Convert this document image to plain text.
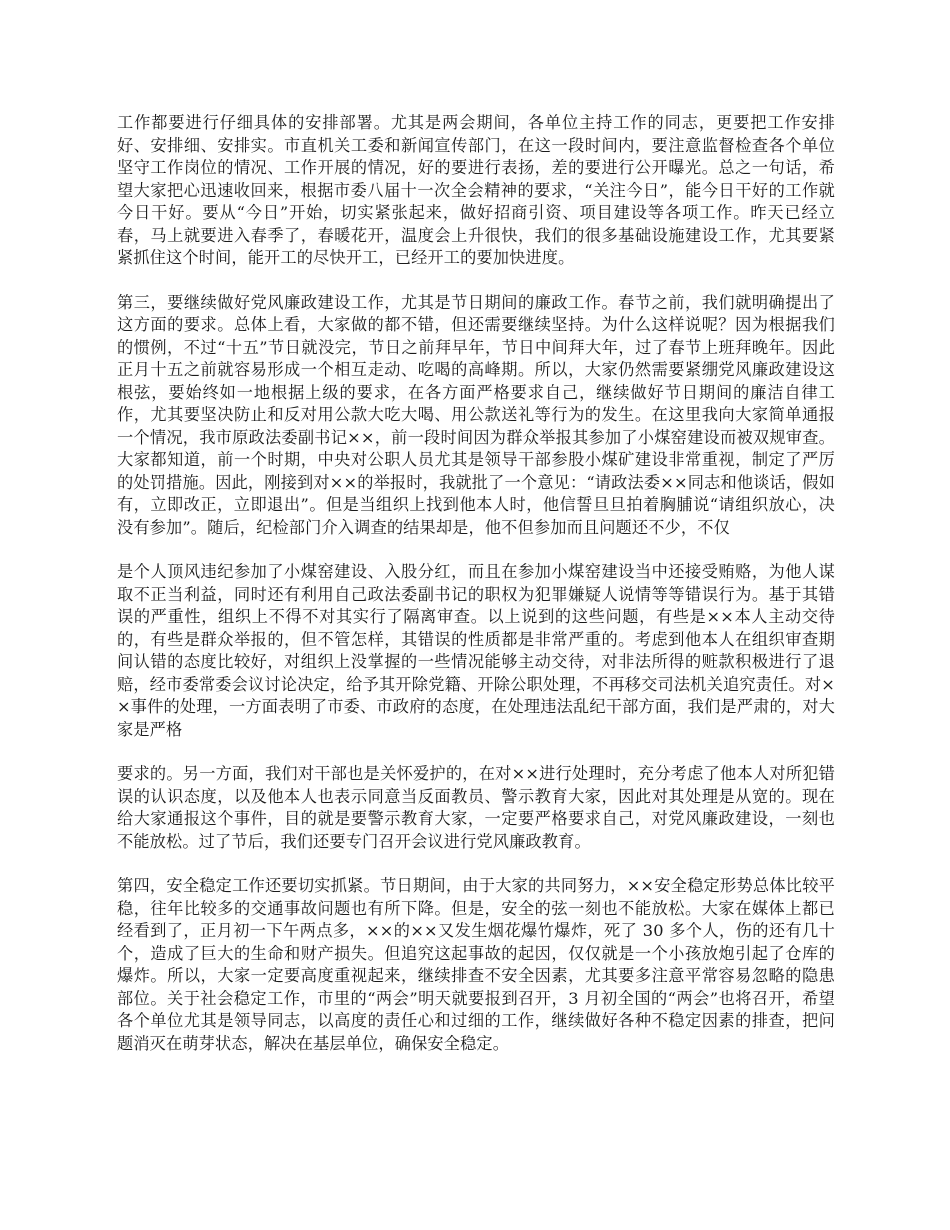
工作都要进行仔细具体的安排部署。尤其是两会期间，各单位主持工作的同志，更要把工作安排好、安排细、安排实。市直机关工委和新闻宣传部门，在这一段时间内，要注意监督检查各个单位坚守工作岗位的情况、工作开展的情况，好的要进行表扬，差的要进行公开曝光。总之一句话，希望大家把心迅速收回来，根据市委八届十一次全会精神的要求，“关注今日”，能今日干好的工作就今日干好。要从“今日”开始，切实紧张起来，做好招商引资、项目建设等各项工作。昨天已经立春，马上就要进入春季了，春暖花开，温度会上升很快，我们的很多基础设施建设工作，尤其要紧紧抓住这个时间，能开工的尽快开工，已经开工的要加快进度。

第三，要继续做好党风廉政建设工作，尤其是节日期间的廉政工作。春节之前，我们就明确提出了这方面的要求。总体上看，大家做的都不错，但还需要继续坚持。为什么这样说呢？因为根据我们的惯例，不过“十五”节日就没完，节日之前拜早年，节日中间拜大年，过了春节上班拜晚年。因此正月十五之前就容易形成一个相互走动、吃喝的高峰期。所以，大家仍然需要紧绷党风廉政建设这根弦，要始终如一地根据上级的要求，在各方面严格要求自己，继续做好节日期间的廉洁自律工作，尤其要坚决防止和反对用公款大吃大喝、用公款送礼等行为的发生。在这里我向大家简单通报一个情况，我市原政法委副书记××，前一段时间因为群众举报其参加了小煤窑建设而被双规审查。大家都知道，前一个时期，中央对公职人员尤其是领导干部参股小煤矿建设非常重视，制定了严厉的处罚措施。因此，刚接到对××的举报时，我就批了一个意见：“请政法委××同志和他谈话，假如有，立即改正，立即退出”。但是当组织上找到他本人时，他信誓旦旦拍着胸脯说“请组织放心，决没有参加”。随后，纪检部门介入调查的结果却是，他不但参加而且问题还不少，不仅

是个人顶风违纪参加了小煤窑建设、入股分红，而且在参加小煤窑建设当中还接受贿赂，为他人谋取不正当利益，同时还有利用自己政法委副书记的职权为犯罪嫌疑人说情等等错误行为。基于其错误的严重性，组织上不得不对其实行了隔离审查。以上说到的这些问题，有些是××本人主动交待的，有些是群众举报的，但不管怎样，其错误的性质都是非常严重的。考虑到他本人在组织审查期间认错的态度比较好，对组织上没掌握的一些情况能够主动交待，对非法所得的赃款积极进行了退赔，经市委常委会议讨论决定，给予其开除党籍、开除公职处理，不再移交司法机关追究责任。对××事件的处理，一方面表明了市委、市政府的态度，在处理违法乱纪干部方面，我们是严肃的，对大家是严格

要求的。另一方面，我们对干部也是关怀爱护的，在对××进行处理时，充分考虑了他本人对所犯错误的认识态度，以及他本人也表示同意当反面教员、警示教育大家，因此对其处理是从宽的。现在给大家通报这个事件，目的就是要警示教育大家，一定要严格要求自己，对党风廉政建设，一刻也不能放松。过了节后，我们还要专门召开会议进行党风廉政教育。

第四，安全稳定工作还要切实抓紧。节日期间，由于大家的共同努力，××安全稳定形势总体比较平稳，往年比较多的交通事故问题也有所下降。但是，安全的弦一刻也不能放松。大家在媒体上都已经看到了，正月初一下午两点多，××的××又发生烟花爆竹爆炸，死了 30 多个人，伤的还有几十个，造成了巨大的生命和财产损失。但追究这起事故的起因，仅仅就是一个小孩放炮引起了仓库的爆炸。所以，大家一定要高度重视起来，继续排查不安全因素，尤其要多注意平常容易忽略的隐患部位。关于社会稳定工作，市里的“两会”明天就要报到召开，3 月初全国的“两会”也将召开，希望各个单位尤其是领导同志，以高度的责任心和过细的工作，继续做好各种不稳定因素的排查，把问题消灭在萌芽状态，解决在基层单位，确保安全稳定。
